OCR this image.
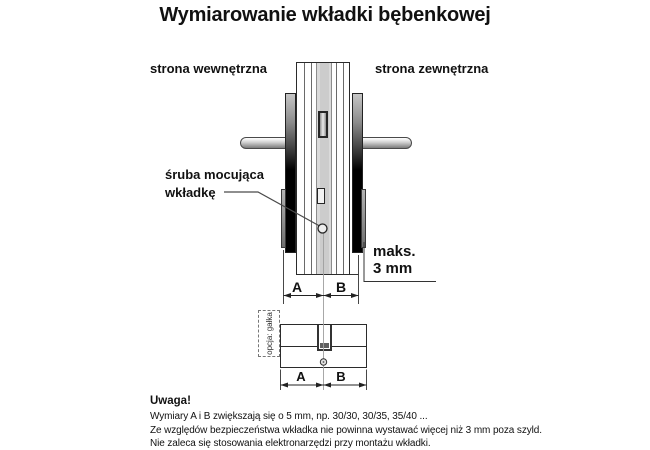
Wymiarowanie wkładki bębenkowej
strona wewnętrzna	strona zewnętrzna
śruba mocująca
wkładkę
maks.
3 mm
A	B
opcja: gałka
A	B
Uwaga!
Wymiary A i B zwiększają się o 5 mm, np. 30/30, 30/35, 35/40 ...
Ze względów bezpieczeństwa wkładka nie powinna wystawać więcej niż 3 mm poza szyld.
Nie zaleca się stosowania elektronarzędzi przy montażu wkładki.
